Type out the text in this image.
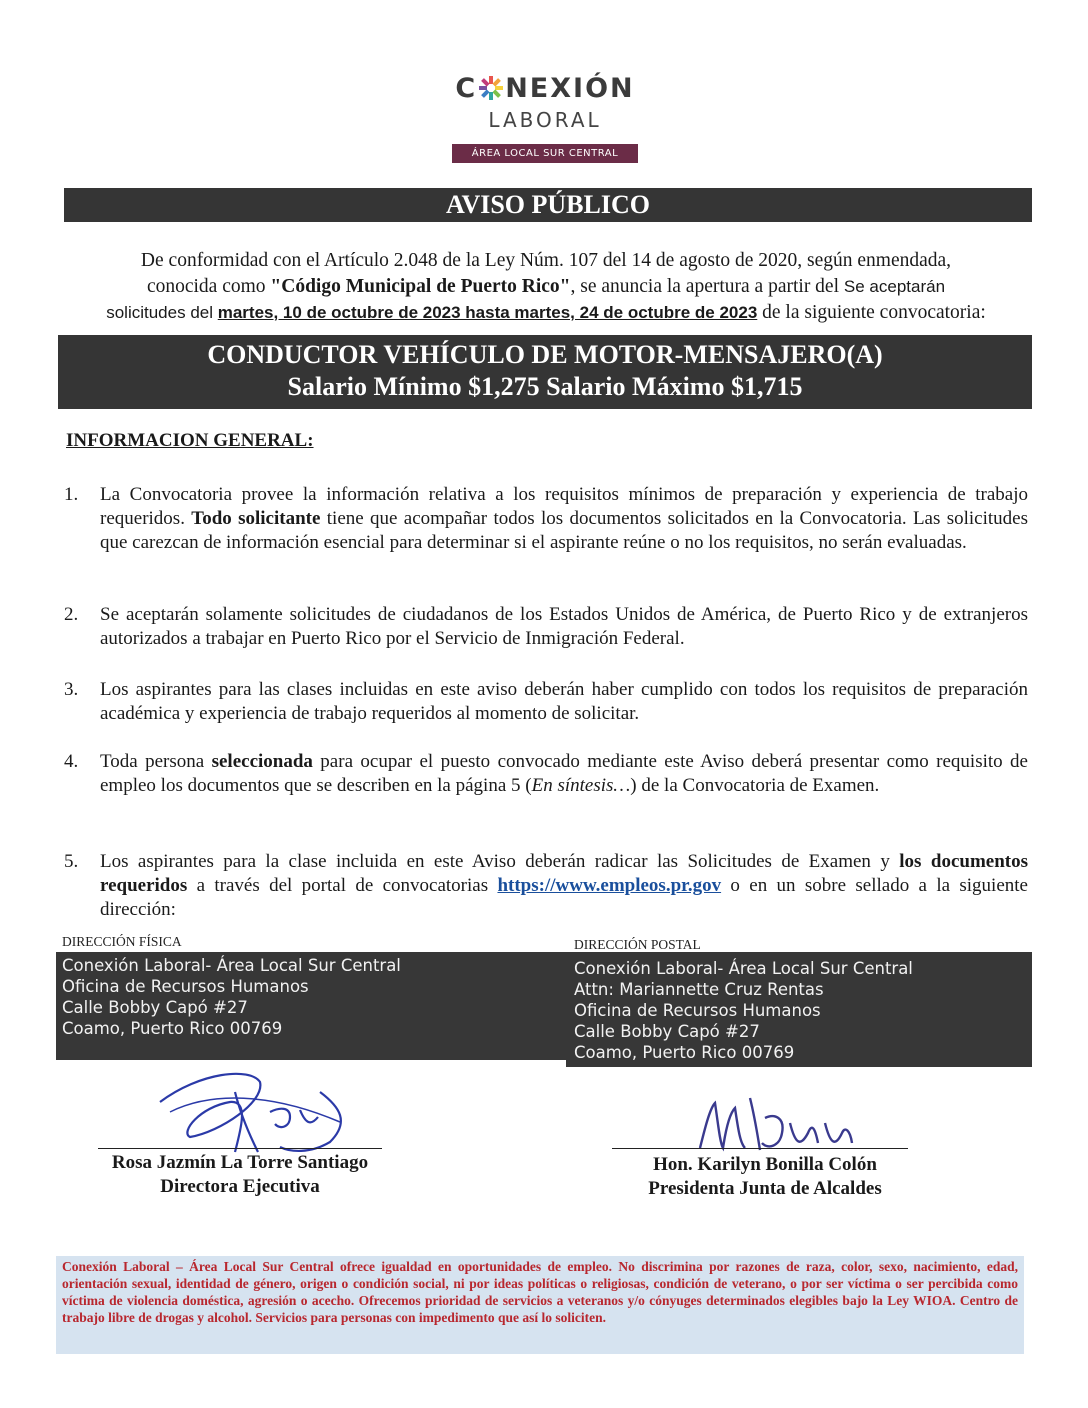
C NEXIÓN
LABORAL
ÁREA LOCAL SUR CENTRAL
AVISO PÚBLICO
De conformidad con el Artículo 2.048 de la Ley Núm. 107 del 14 de agosto de 2020, según enmendada,
conocida como "Código Municipal de Puerto Rico", se anuncia la apertura a partir del Se aceptarán
solicitudes del martes, 10 de octubre de 2023 hasta martes, 24 de octubre de 2023 de la siguiente convocatoria:
CONDUCTOR VEHÍCULO DE MOTOR-MENSAJERO(A)
Salario Mínimo $1,275 Salario Máximo $1,715
INFORMACION GENERAL:
1.	La Convocatoria provee la información relativa a los requisitos mínimos de preparación y experiencia de trabajo requeridos. Todo solicitante tiene que acompañar todos los documentos solicitados en la Convocatoria. Las solicitudes que carezcan de información esencial para determinar si el aspirante reúne o no los requisitos, no serán evaluadas.
2.	Se aceptarán solamente solicitudes de ciudadanos de los Estados Unidos de América, de Puerto Rico y de extranjeros autorizados a trabajar en Puerto Rico por el Servicio de Inmigración Federal.
3.	Los aspirantes para las clases incluidas en este aviso deberán haber cumplido con todos los requisitos de preparación académica y experiencia de trabajo requeridos al momento de solicitar.
4.	Toda persona seleccionada para ocupar el puesto convocado mediante este Aviso deberá presentar como requisito de empleo los documentos que se describen en la página 5 (En síntesis…) de la Convocatoria de Examen.
5.	Los aspirantes para la clase incluida en este Aviso deberán radicar las Solicitudes de Examen y los documentos requeridos a través del portal de convocatorias https://www.empleos.pr.gov o en un sobre sellado a la siguiente dirección:
DIRECCIÓN FÍSICA	DIRECCIÓN POSTAL
Conexión Laboral- Área Local Sur Central
Oficina de Recursos Humanos
Calle Bobby Capó #27
Coamo, Puerto Rico 00769
Conexión Laboral- Área Local Sur Central
Attn: Mariannette Cruz Rentas
Oficina de Recursos Humanos
Calle Bobby Capó #27
Coamo, Puerto Rico 00769
Rosa Jazmín La Torre Santiago
Directora Ejecutiva
Hon. Karilyn Bonilla Colón
Presidenta Junta de Alcaldes
Conexión Laboral – Área Local Sur Central ofrece igualdad en oportunidades de empleo. No discrimina por razones de raza, color, sexo, nacimiento, edad, orientación sexual, identidad de género, origen o condición social, ni por ideas políticas o religiosas, condición de veterano, o por ser víctima o ser percibida como víctima de violencia doméstica, agresión o acecho. Ofrecemos prioridad de servicios a veteranos y/o cónyuges determinados elegibles bajo la Ley WIOA. Centro de trabajo libre de drogas y alcohol. Servicios para personas con impedimento que así lo soliciten.
